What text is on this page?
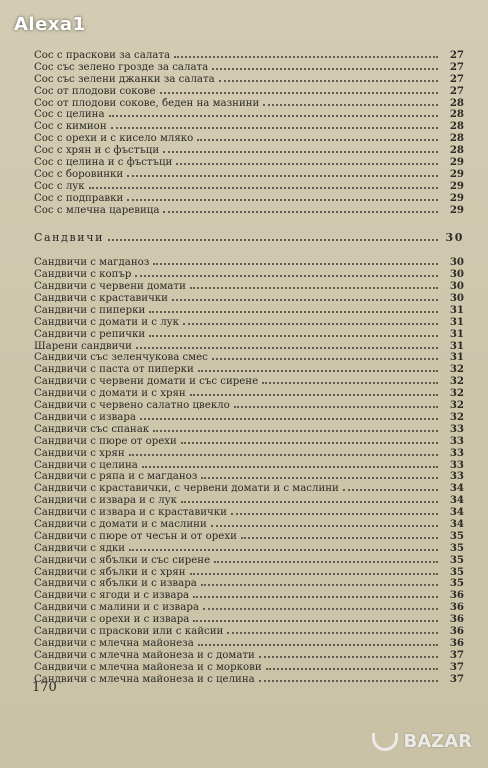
Alexa1
Сос с праскови за салата	27
Сос със зелено грозде за салата	27
Сос със зелени джанки за салата	27
Сос от плодови сокове	27
Сос от плодови сокове, беден на мазнини	28
Сос с целина	28
Сос с кимион	28
Сос с орехи и с кисело мляко	28
Сос с хрян и с фъстъци	28
Сос с целина и с фъстъци	29
Сос с боровинки	29
Сос с лук	29
Сос с подправки	29
Сос с млечна царевица	29
Сандвичи	30
Сандвичи с магданоз	30
Сандвичи с копър	30
Сандвичи с червени домати	30
Сандвичи с краставички	30
Сандвичи с пиперки	31
Сандвичи с домати и с лук	31
Сандвичи с репички	31
Шарени сандвичи	31
Сандвичи със зеленчукова смес	31
Сандвичи с паста от пиперки	32
Сандвичи с червени домати и със сирене	32
Сандвичи с домати и с хрян	32
Сандвичи с червено салатно цвекло	32
Сандвичи с извара	32
Сандвичи със спанак	33
Сандвичи с пюре от орехи	33
Сандвичи с хрян	33
Сандвичи с целина	33
Сандвичи с ряпа и с магданоз	33
Сандвичи с краставички, с червени домати и с маслини	34
Сандвичи с извара и с лук	34
Сандвичи с извара и с краставички	34
Сандвичи с домати и с маслини	34
Сандвичи с пюре от чесън и от орехи	35
Сандвичи с ядки	35
Сандвичи с ябълки и със сирене	35
Сандвичи с ябълки и с хрян	35
Сандвичи с ябълки и с извара	35
Сандвичи с ягоди и с извара	36
Сандвичи с малини и с извара	36
Сандвичи с орехи и с извара	36
Сандвичи с праскови или с кайсии	36
Сандвичи с млечна майонеза	36
Сандвичи с млечна майонеза и с домати	37
Сандвичи с млечна майонеза и с моркови	37
Сандвичи с млечна майонеза и с целина	37
170
BAZAR
